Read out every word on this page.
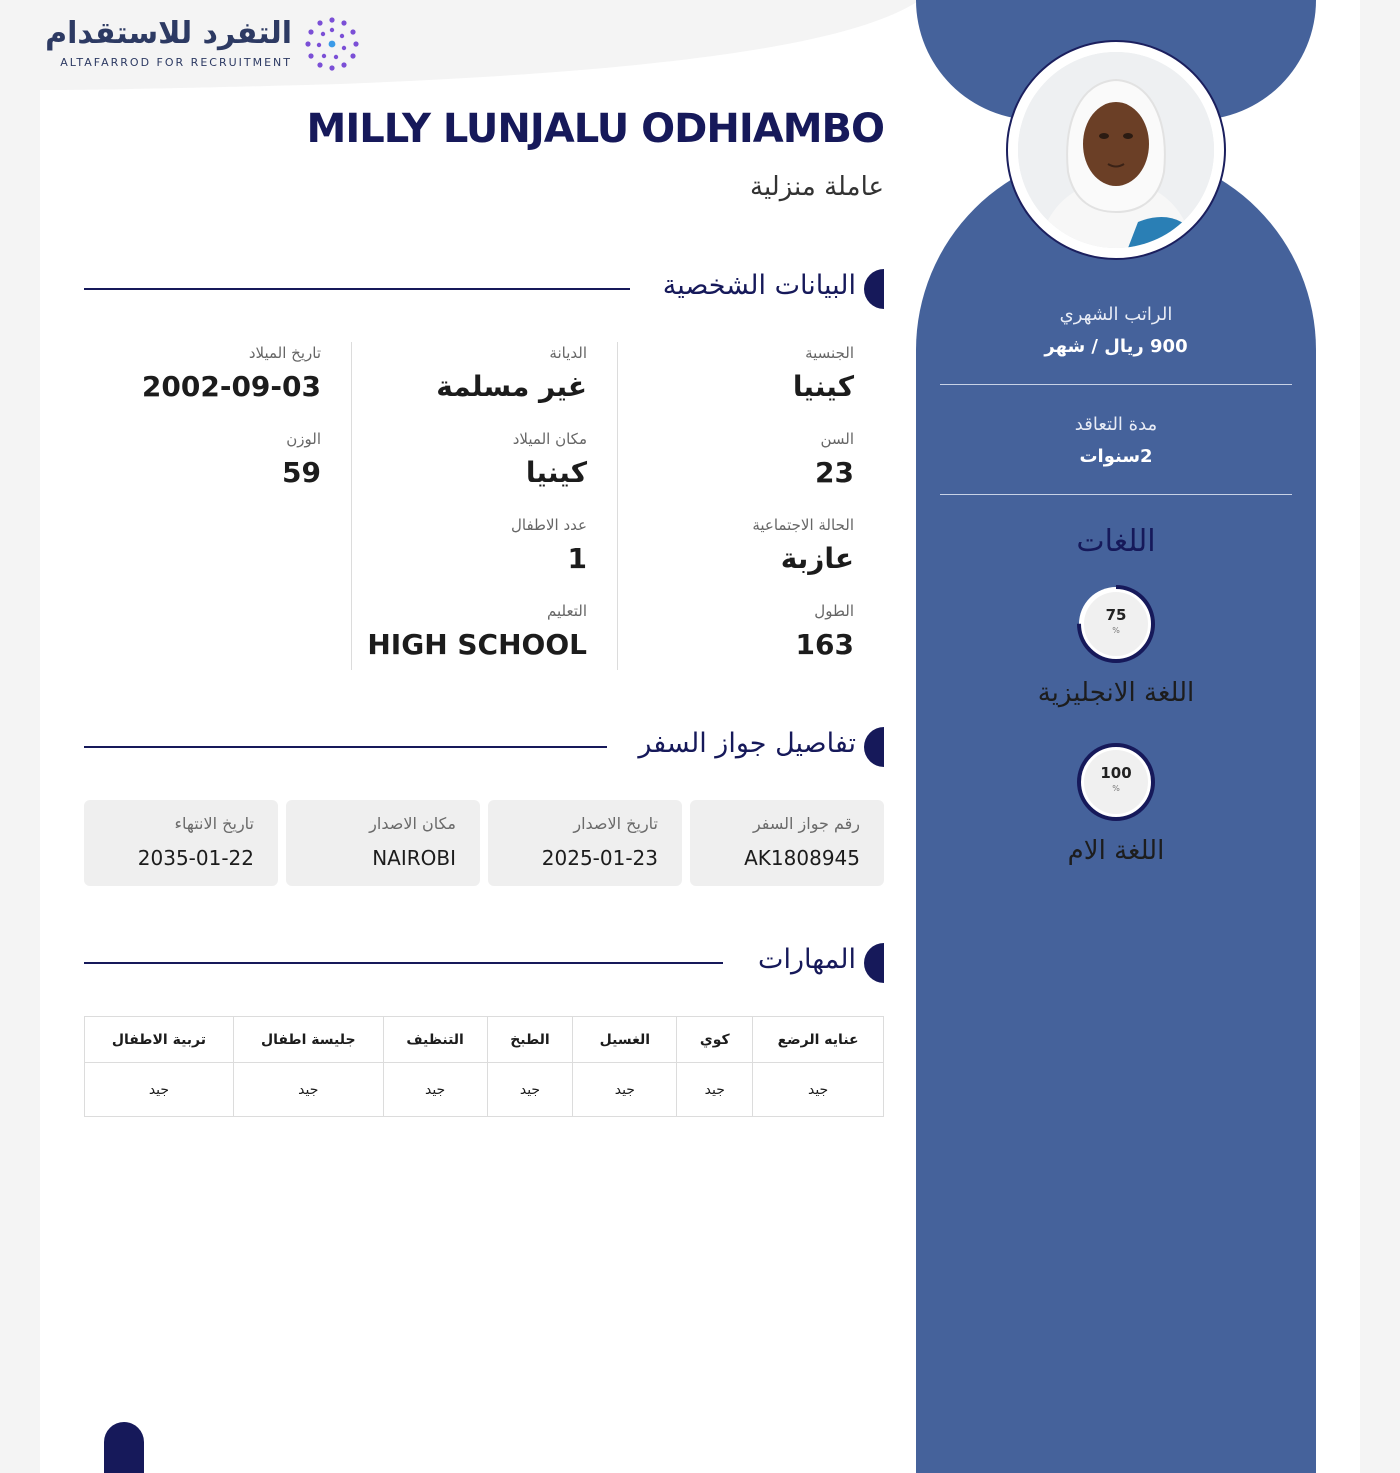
التفرد للاستقدام
ALTAFARROD FOR RECRUITMENT
الراتب الشهري
900 ريال / شهر
مدة التعاقد
2سنوات
اللغات
75
%
اللغة الانجليزية
100
%
اللغة الام
MILLY LUNJALU ODHIAMBO
عاملة منزلية
البيانات الشخصية
الجنسية
كينيا
السن
23
الحالة الاجتماعية
عازبة
الطول
163
الديانة
غير مسلمة
مكان الميلاد
كينيا
عدد الاطفال
1
التعليم
HIGH SCHOOL
تاريخ الميلاد
2002-09-03
الوزن
59
تفاصيل جواز السفر
رقم جواز السفر
AK1808945
تاريخ الاصدار
2025-01-23
مكان الاصدار
NAIROBI
تاريخ الانتهاء
2035-01-22
المهارات
عنايه الرضع	كوي	الغسيل	الطبخ	التنظيف	جليسة اطفال	تربية الاطفال
جيد	جيد	جيد	جيد	جيد	جيد	جيد
